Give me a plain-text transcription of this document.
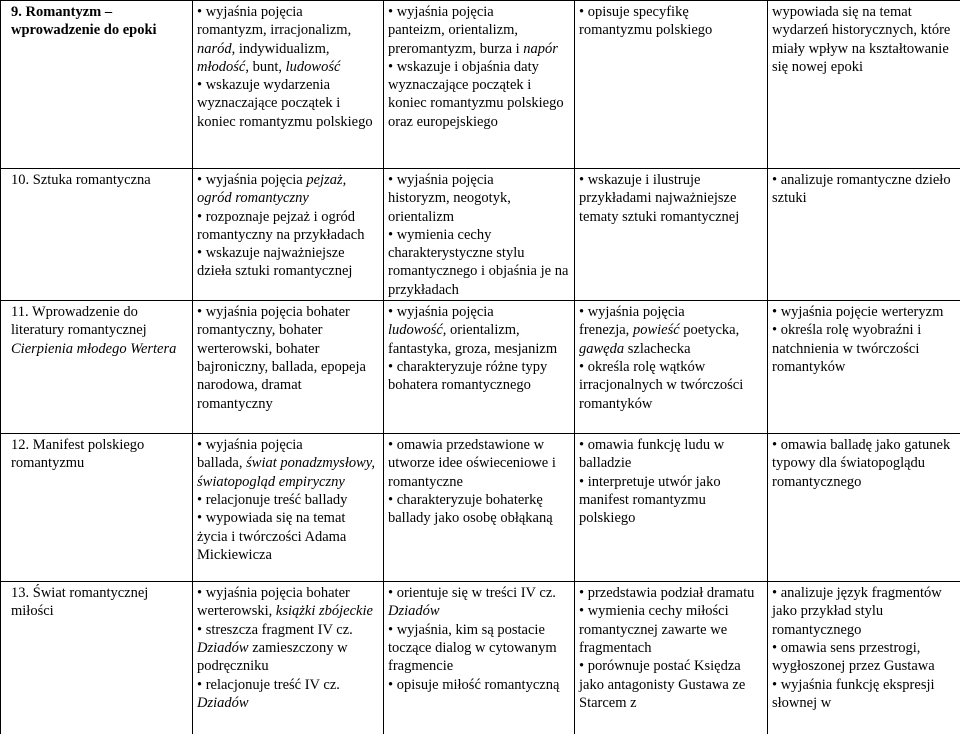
9. Romantyzm – wprowadzenie do epoki	• wyjaśnia pojęcia
romantyzm, irracjonalizm, naród, indywidualizm, młodość, bunt, ludowość
• wskazuje wydarzenia wyznaczające początek i koniec romantyzmu polskiego	• wyjaśnia pojęcia
panteizm, orientalizm, preromantyzm, burza i napór
• wskazuje i objaśnia daty wyznaczające początek i koniec romantyzmu polskiego oraz europejskiego	• opisuje specyfikę romantyzmu polskiego	wypowiada się na temat wydarzeń historycznych, które miały wpływ na kształtowanie się nowej epoki

10. Sztuka romantyczna	• wyjaśnia pojęcia pejzaż, ogród romantyczny
• rozpoznaje pejzaż i ogród romantyczny na przykładach
• wskazuje najważniejsze dzieła sztuki romantycznej	• wyjaśnia pojęcia
historyzm, neogotyk, orientalizm
• wymienia cechy charakterystyczne stylu romantycznego i objaśnia je na przykładach	• wskazuje i ilustruje przykładami najważniejsze tematy sztuki romantycznej	• analizuje romantyczne dzieło sztuki

11. Wprowadzenie do literatury romantycznej
Cierpienia młodego Wertera	• wyjaśnia pojęcia bohater romantyczny, bohater werterowski, bohater bajroniczny, ballada, epopeja narodowa, dramat romantyczny	• wyjaśnia pojęcia
ludowość, orientalizm, fantastyka, groza, mesjanizm
• charakteryzuje różne typy bohatera romantycznego	• wyjaśnia pojęcia
frenezja, powieść poetycka, gawęda szlachecka
• określa rolę wątków irracjonalnych w twórczości romantyków	• wyjaśnia pojęcie werteryzm
• określa rolę wyobraźni i natchnienia w twórczości romantyków

12. Manifest polskiego romantyzmu	• wyjaśnia pojęcia
ballada, świat ponadzmysłowy, światopogląd empiryczny
• relacjonuje treść ballady
• wypowiada się na temat życia i twórczości Adama Mickiewicza	• omawia przedstawione w utworze idee oświeceniowe i romantyczne
• charakteryzuje bohaterkę ballady jako osobę obłąkaną	• omawia funkcję ludu w balladzie
• interpretuje utwór jako manifest romantyzmu polskiego	• omawia balladę jako gatunek typowy dla światopoglądu romantycznego

13. Świat romantycznej miłości	• wyjaśnia pojęcia bohater werterowski, książki zbójeckie
• streszcza fragment IV cz. Dziadów zamieszczony w podręczniku
• relacjonuje treść IV cz. Dziadów	• orientuje się w treści IV cz. Dziadów
• wyjaśnia, kim są postacie toczące dialog w cytowanym fragmencie
• opisuje miłość romantyczną	• przedstawia podział dramatu
• wymienia cechy miłości romantycznej zawarte we fragmentach
• porównuje postać Księdza jako antagonisty Gustawa ze Starcem z	• analizuje język fragmentów jako przykład stylu romantycznego
• omawia sens przestrogi, wygłoszonej przez Gustawa
• wyjaśnia funkcję ekspresji słownej w
